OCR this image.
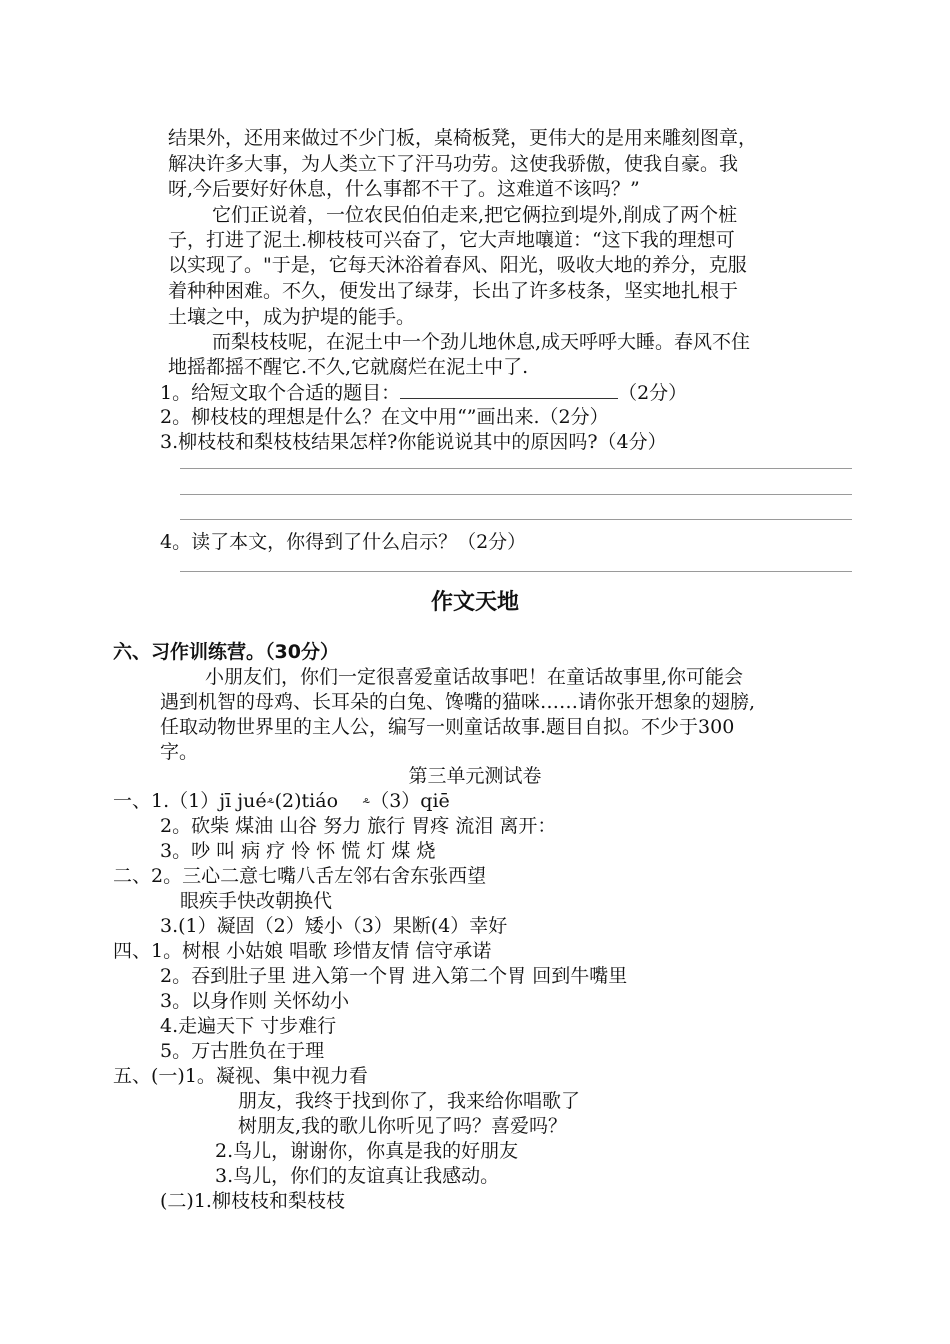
结果外，还用来做过不少门板，桌椅板凳，更伟大的是用来雕刻图章，
解决许多大事，为人类立下了汗马功劳。这使我骄傲，使我自豪。我
呀,今后要好好休息，什么事都不干了。这难道不该吗？”
它们正说着，一位农民伯伯走来,把它俩拉到堤外,削成了两个桩
子，打进了泥土.柳枝枝可兴奋了，它大声地嚷道：“这下我的理想可
以实现了。"于是，它每天沐浴着春风、阳光，吸收大地的养分，克服
着种种困难。不久，便发出了绿芽，长出了许多枝条，坚实地扎根于
土壤之中，成为护堤的能手。
而梨枝枝呢，在泥土中一个劲儿地休息,成天呼呼大睡。春风不住
地摇都摇不醒它.不久,它就腐烂在泥土中了.
1。给短文取个合适的题目：	（2分）
2。柳枝枝的理想是什么？在文中用“”画出来.（2分）
3.柳枝枝和梨枝枝结果怎样?你能说说其中的原因吗?（4分）
4。读了本文，你得到了什么启示？（2分）
作文天地
六、习作训练营。（30分）
小朋友们，你们一定很喜爱童话故事吧！在童话故事里,你可能会
遇到机智的母鸡、长耳朵的白兔、馋嘴的猫咪……请你张开想象的翅膀,
任取动物世界里的主人公，编写一则童话故事.题目自拟。不少于300
字。
第三单元测试卷
一、1.（1）jī jué⸛(2)tiáo ⸛（3）qiē
2。砍柴 煤油 山谷 努力 旅行 胃疼 流泪 离开：
3。吵 叫 病 疗 怜 怀 慌 灯 煤 烧
二、2。三心二意七嘴八舌左邻右舍东张西望
眼疾手快改朝换代
3.(1）凝固（2）矮小（3）果断(4）幸好
四、1。树根 小姑娘 唱歌 珍惜友情 信守承诺
2。吞到肚子里 进入第一个胃 进入第二个胃 回到牛嘴里
3。以身作则 关怀幼小
4.走遍天下 寸步难行
5。万古胜负在于理
五、(一)1。凝视、集中视力看
朋友，我终于找到你了，我来给你唱歌了
树朋友,我的歌儿你听见了吗？喜爱吗？
2.鸟儿，谢谢你，你真是我的好朋友
3.鸟儿，你们的友谊真让我感动。
(二)1.柳枝枝和梨枝枝
